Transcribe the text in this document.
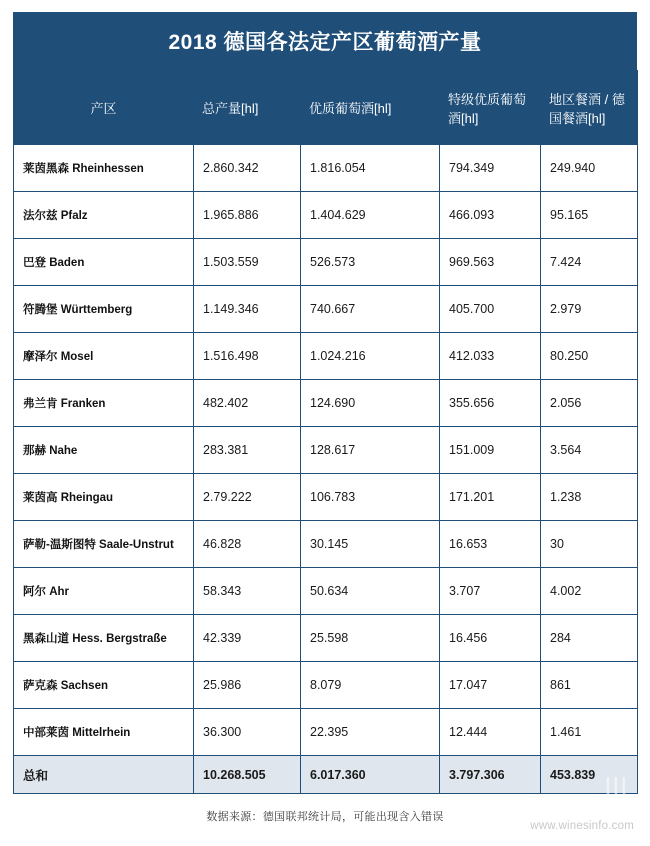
2018 德国各法定产区葡萄酒产量
产区	总产量[hl]	优质葡萄酒[hl]	特级优质葡萄酒[hl]	地区餐酒 / 德国餐酒[hl]
莱茵黑森 Rheinhessen	2.860.342	1.816.054	794.349	249.940
法尔兹 Pfalz	1.965.886	1.404.629	466.093	95.165
巴登 Baden	1.503.559	526.573	969.563	7.424
符腾堡 Württemberg	1.149.346	740.667	405.700	2.979
摩泽尔 Mosel	1.516.498	1.024.216	412.033	80.250
弗兰肯 Franken	482.402	124.690	355.656	2.056
那赫 Nahe	283.381	128.617	151.009	3.564
莱茵高 Rheingau	2.79.222	106.783	171.201	1.238
萨勒-温斯图特 Saale-Unstrut	46.828	30.145	16.653	30
阿尔 Ahr	58.343	50.634	3.707	4.002
黑森山道 Hess. Bergstraße	42.339	25.598	16.456	284
萨克森 Sachsen	25.986	8.079	17.047	861
中部莱茵 Mittelrhein	36.300	22.395	12.444	1.461
总和	10.268.505	6.017.360	3.797.306	453.839 ﺎﺎﺎ
数据来源：德国联邦统计局，可能出现含入错误
www.winesinfo.com
